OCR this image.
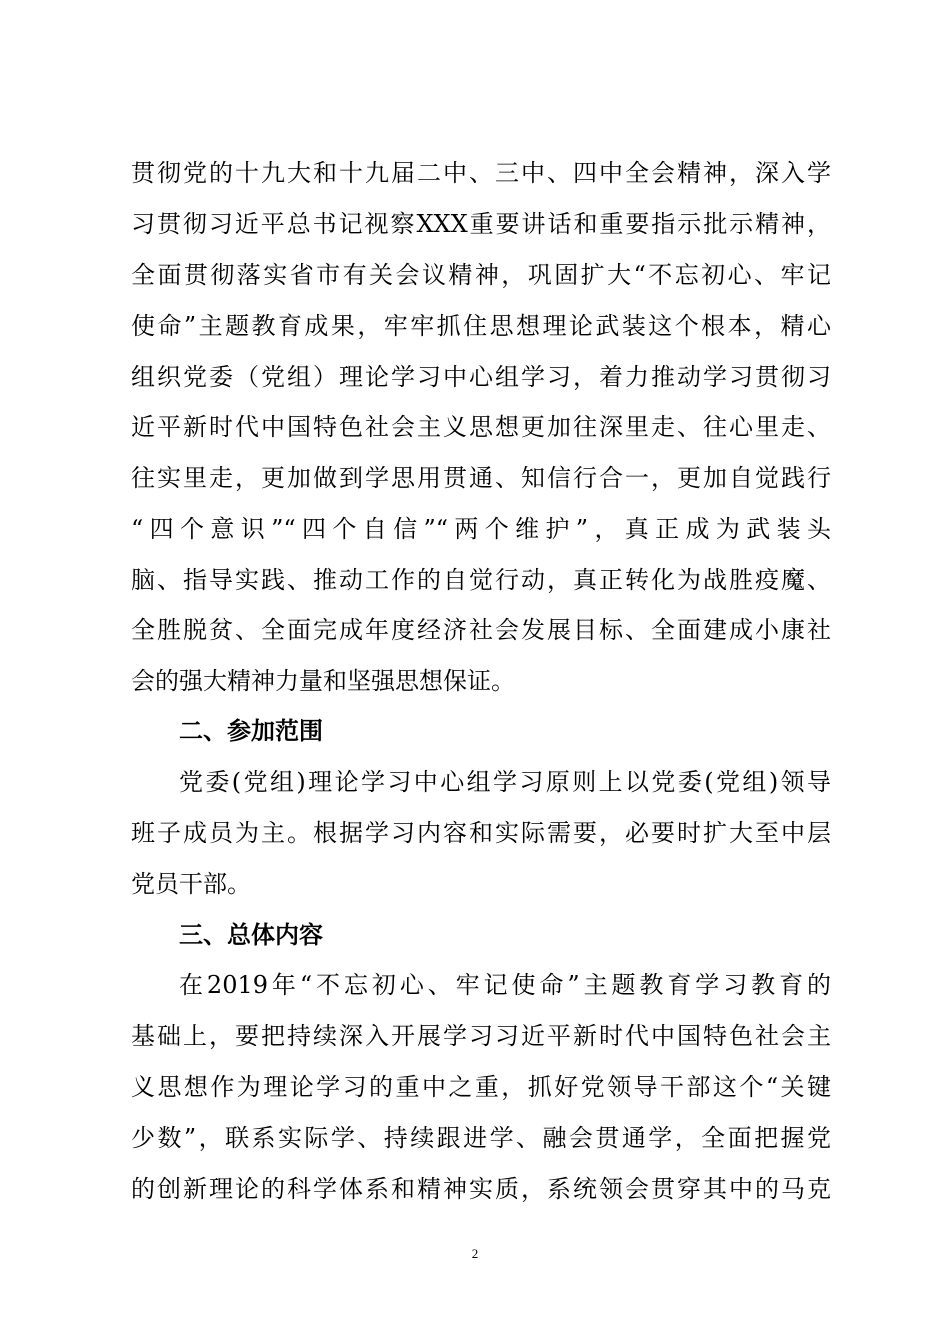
贯彻党的十九大和十九届二中、三中、四中全会精神，深入学
习贯彻习近平总书记视察XXX重要讲话和重要指示批示精神，
全面贯彻落实省市有关会议精神，巩固扩大“不忘初心、牢记
使命”主题教育成果，牢牢抓住思想理论武装这个根本，精心
组织党委（党组）理论学习中心组学习，着力推动学习贯彻习
近平新时代中国特色社会主义思想更加往深里走、往心里走、
往实里走，更加做到学思用贯通、知信行合一，更加自觉践行
“四个意识”“四个自信”“两个维护”，真正成为武装头
脑、指导实践、推动工作的自觉行动，真正转化为战胜疫魔、
全胜脱贫、全面完成年度经济社会发展目标、全面建成小康社
会的强大精神力量和坚强思想保证。
二、参加范围
党委(党组)理论学习中心组学习原则上以党委(党组)领导
班子成员为主。根据学习内容和实际需要，必要时扩大至中层
党员干部。
三、总体内容
在2019年“不忘初心、牢记使命”主题教育学习教育的
基础上，要把持续深入开展学习习近平新时代中国特色社会主
义思想作为理论学习的重中之重，抓好党领导干部这个“关键
少数”，联系实际学、持续跟进学、融会贯通学，全面把握党
的创新理论的科学体系和精神实质，系统领会贯穿其中的马克
2
